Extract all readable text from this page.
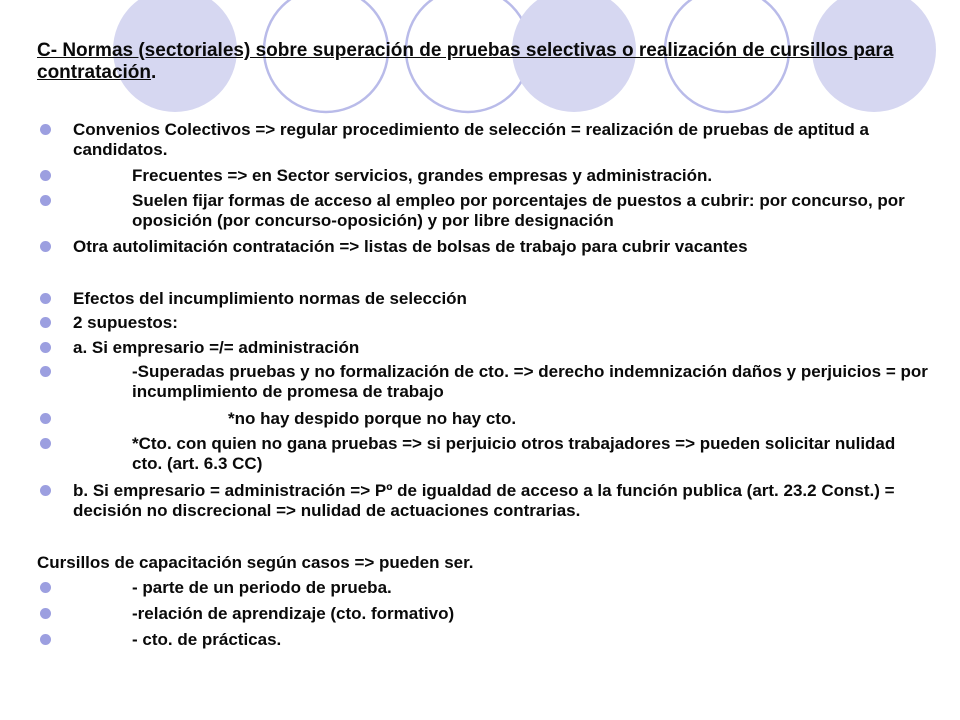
C- Normas (sectoriales) sobre superación de pruebas selectivas o realización de cursillos para contratación.
Convenios Colectivos => regular procedimiento de selección = realización de pruebas de aptitud a candidatos.
Frecuentes => en Sector servicios, grandes empresas y administración.
Suelen fijar formas de acceso al empleo por porcentajes de puestos a cubrir: por concurso, por oposición (por concurso-oposición) y por libre designación
Otra autolimitación contratación => listas de bolsas de trabajo para cubrir vacantes
Efectos del incumplimiento normas de selección
2 supuestos:
a. Si empresario =/= administración
-Superadas pruebas y no formalización de cto. => derecho indemnización daños y perjuicios = por incumplimiento de promesa de trabajo
*no hay despido porque no hay cto.
*Cto. con quien no gana pruebas => si perjuicio otros trabajadores => pueden solicitar nulidad cto. (art. 6.3 CC)
b. Si empresario = administración => Pº de igualdad de acceso a la función publica (art. 23.2 Const.) = decisión no discrecional => nulidad de actuaciones contrarias.
Cursillos de capacitación según casos => pueden ser.
- parte de un periodo de prueba.
-relación de aprendizaje (cto. formativo)
- cto. de prácticas.
